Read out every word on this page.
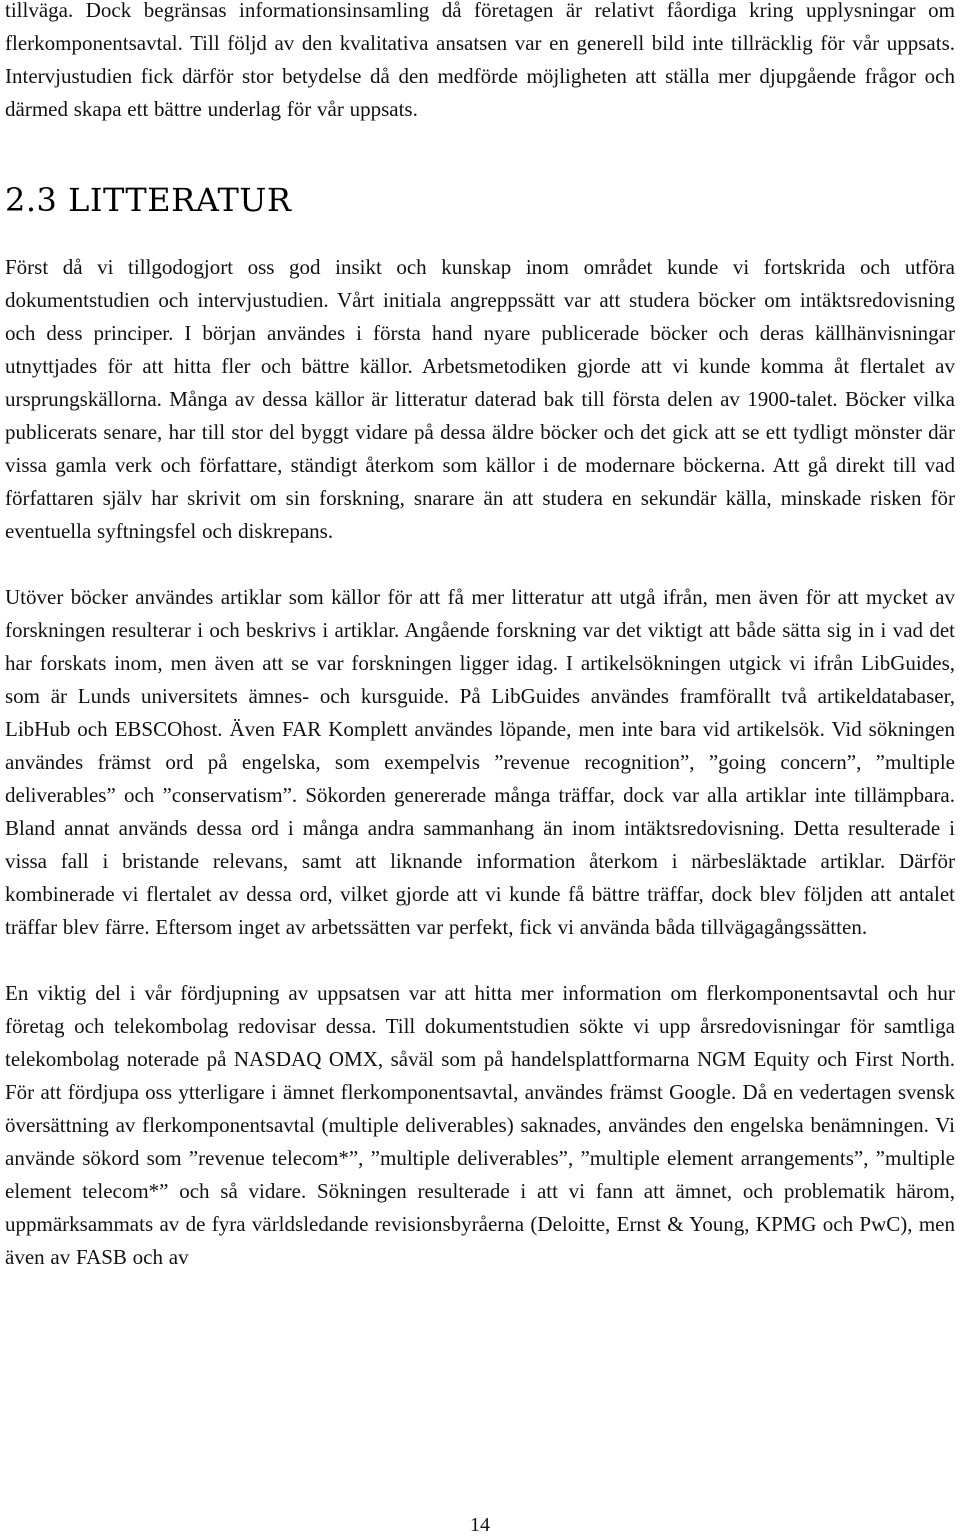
tillväga. Dock begränsas informationsinsamling då företagen är relativt fåordiga kring upplysningar om flerkomponentsavtal. Till följd av den kvalitativa ansatsen var en generell bild inte tillräcklig för vår uppsats. Intervjustudien fick därför stor betydelse då den medförde möjligheten att ställa mer djupgående frågor och därmed skapa ett bättre underlag för vår uppsats.

2.3 LITTERATUR

Först då vi tillgodogjort oss god insikt och kunskap inom området kunde vi fortskrida och utföra dokumentstudien och intervjustudien. Vårt initiala angreppssätt var att studera böcker om intäktsredovisning och dess principer. I början användes i första hand nyare publicerade böcker och deras källhänvisningar utnyttjades för att hitta fler och bättre källor. Arbetsmetodiken gjorde att vi kunde komma åt flertalet av ursprungskällorna. Många av dessa källor är litteratur daterad bak till första delen av 1900-talet. Böcker vilka publicerats senare, har till stor del byggt vidare på dessa äldre böcker och det gick att se ett tydligt mönster där vissa gamla verk och författare, ständigt återkom som källor i de modernare böckerna. Att gå direkt till vad författaren själv har skrivit om sin forskning, snarare än att studera en sekundär källa, minskade risken för eventuella syftningsfel och diskrepans.

Utöver böcker användes artiklar som källor för att få mer litteratur att utgå ifrån, men även för att mycket av forskningen resulterar i och beskrivs i artiklar. Angående forskning var det viktigt att både sätta sig in i vad det har forskats inom, men även att se var forskningen ligger idag. I artikelsökningen utgick vi ifrån LibGuides, som är Lunds universitets ämnes- och kursguide. På LibGuides användes framförallt två artikeldatabaser, LibHub och EBSCOhost. Även FAR Komplett användes löpande, men inte bara vid artikelsök. Vid sökningen användes främst ord på engelska, som exempelvis ”revenue recognition”, ”going concern”, ”multiple deliverables” och ”conservatism”. Sökorden genererade många träffar, dock var alla artiklar inte tillämpbara. Bland annat används dessa ord i många andra sammanhang än inom intäktsredovisning. Detta resulterade i vissa fall i bristande relevans, samt att liknande information återkom i närbesläktade artiklar. Därför kombinerade vi flertalet av dessa ord, vilket gjorde att vi kunde få bättre träffar, dock blev följden att antalet träffar blev färre. Eftersom inget av arbetssätten var perfekt, fick vi använda båda tillvägagångssätten.

En viktig del i vår fördjupning av uppsatsen var att hitta mer information om flerkomponentsavtal och hur företag och telekombolag redovisar dessa. Till dokumentstudien sökte vi upp årsredovisningar för samtliga telekombolag noterade på NASDAQ OMX, såväl som på handelsplattformarna NGM Equity och First North. För att fördjupa oss ytterligare i ämnet flerkomponentsavtal, användes främst Google. Då en vedertagen svensk översättning av flerkomponentsavtal (multiple deliverables) saknades, användes den engelska benämningen. Vi använde sökord som ”revenue telecom*”, ”multiple deliverables”, ”multiple element arrangements”, ”multiple element telecom*” och så vidare. Sökningen resulterade i att vi fann att ämnet, och problematik härom, uppmärksammats av de fyra världsledande revisionsbyråerna (Deloitte, Ernst & Young, KPMG och PwC), men även av FASB och av

14
